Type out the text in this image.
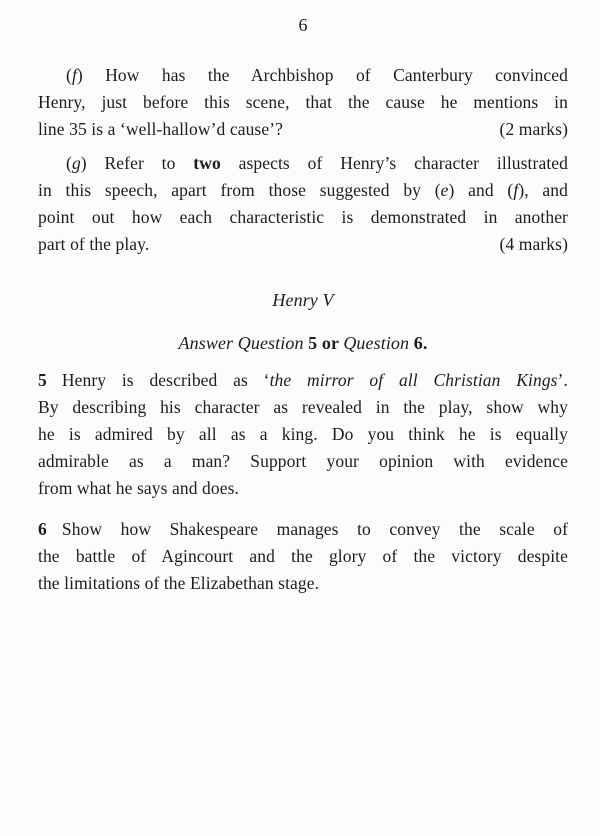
6
(f) How has the Archbishop of Canterbury convinced
Henry, just before this scene, that the cause he mentions in
line 35 is a ‘well-hallow’d cause’?	(2 marks)
(g) Refer to two aspects of Henry’s character illustrated
in this speech, apart from those suggested by (e) and (f), and
point out how each characteristic is demonstrated in another
part of the play.	(4 marks)
Henry V
Answer Question 5 or Question 6.
5 Henry is described as ‘the mirror of all Christian Kings’.
By describing his character as revealed in the play, show why
he is admired by all as a king. Do you think he is equally
admirable as a man? Support your opinion with evidence
from what he says and does.
6 Show how Shakespeare manages to convey the scale of
the battle of Agincourt and the glory of the victory despite
the limitations of the Elizabethan stage.
